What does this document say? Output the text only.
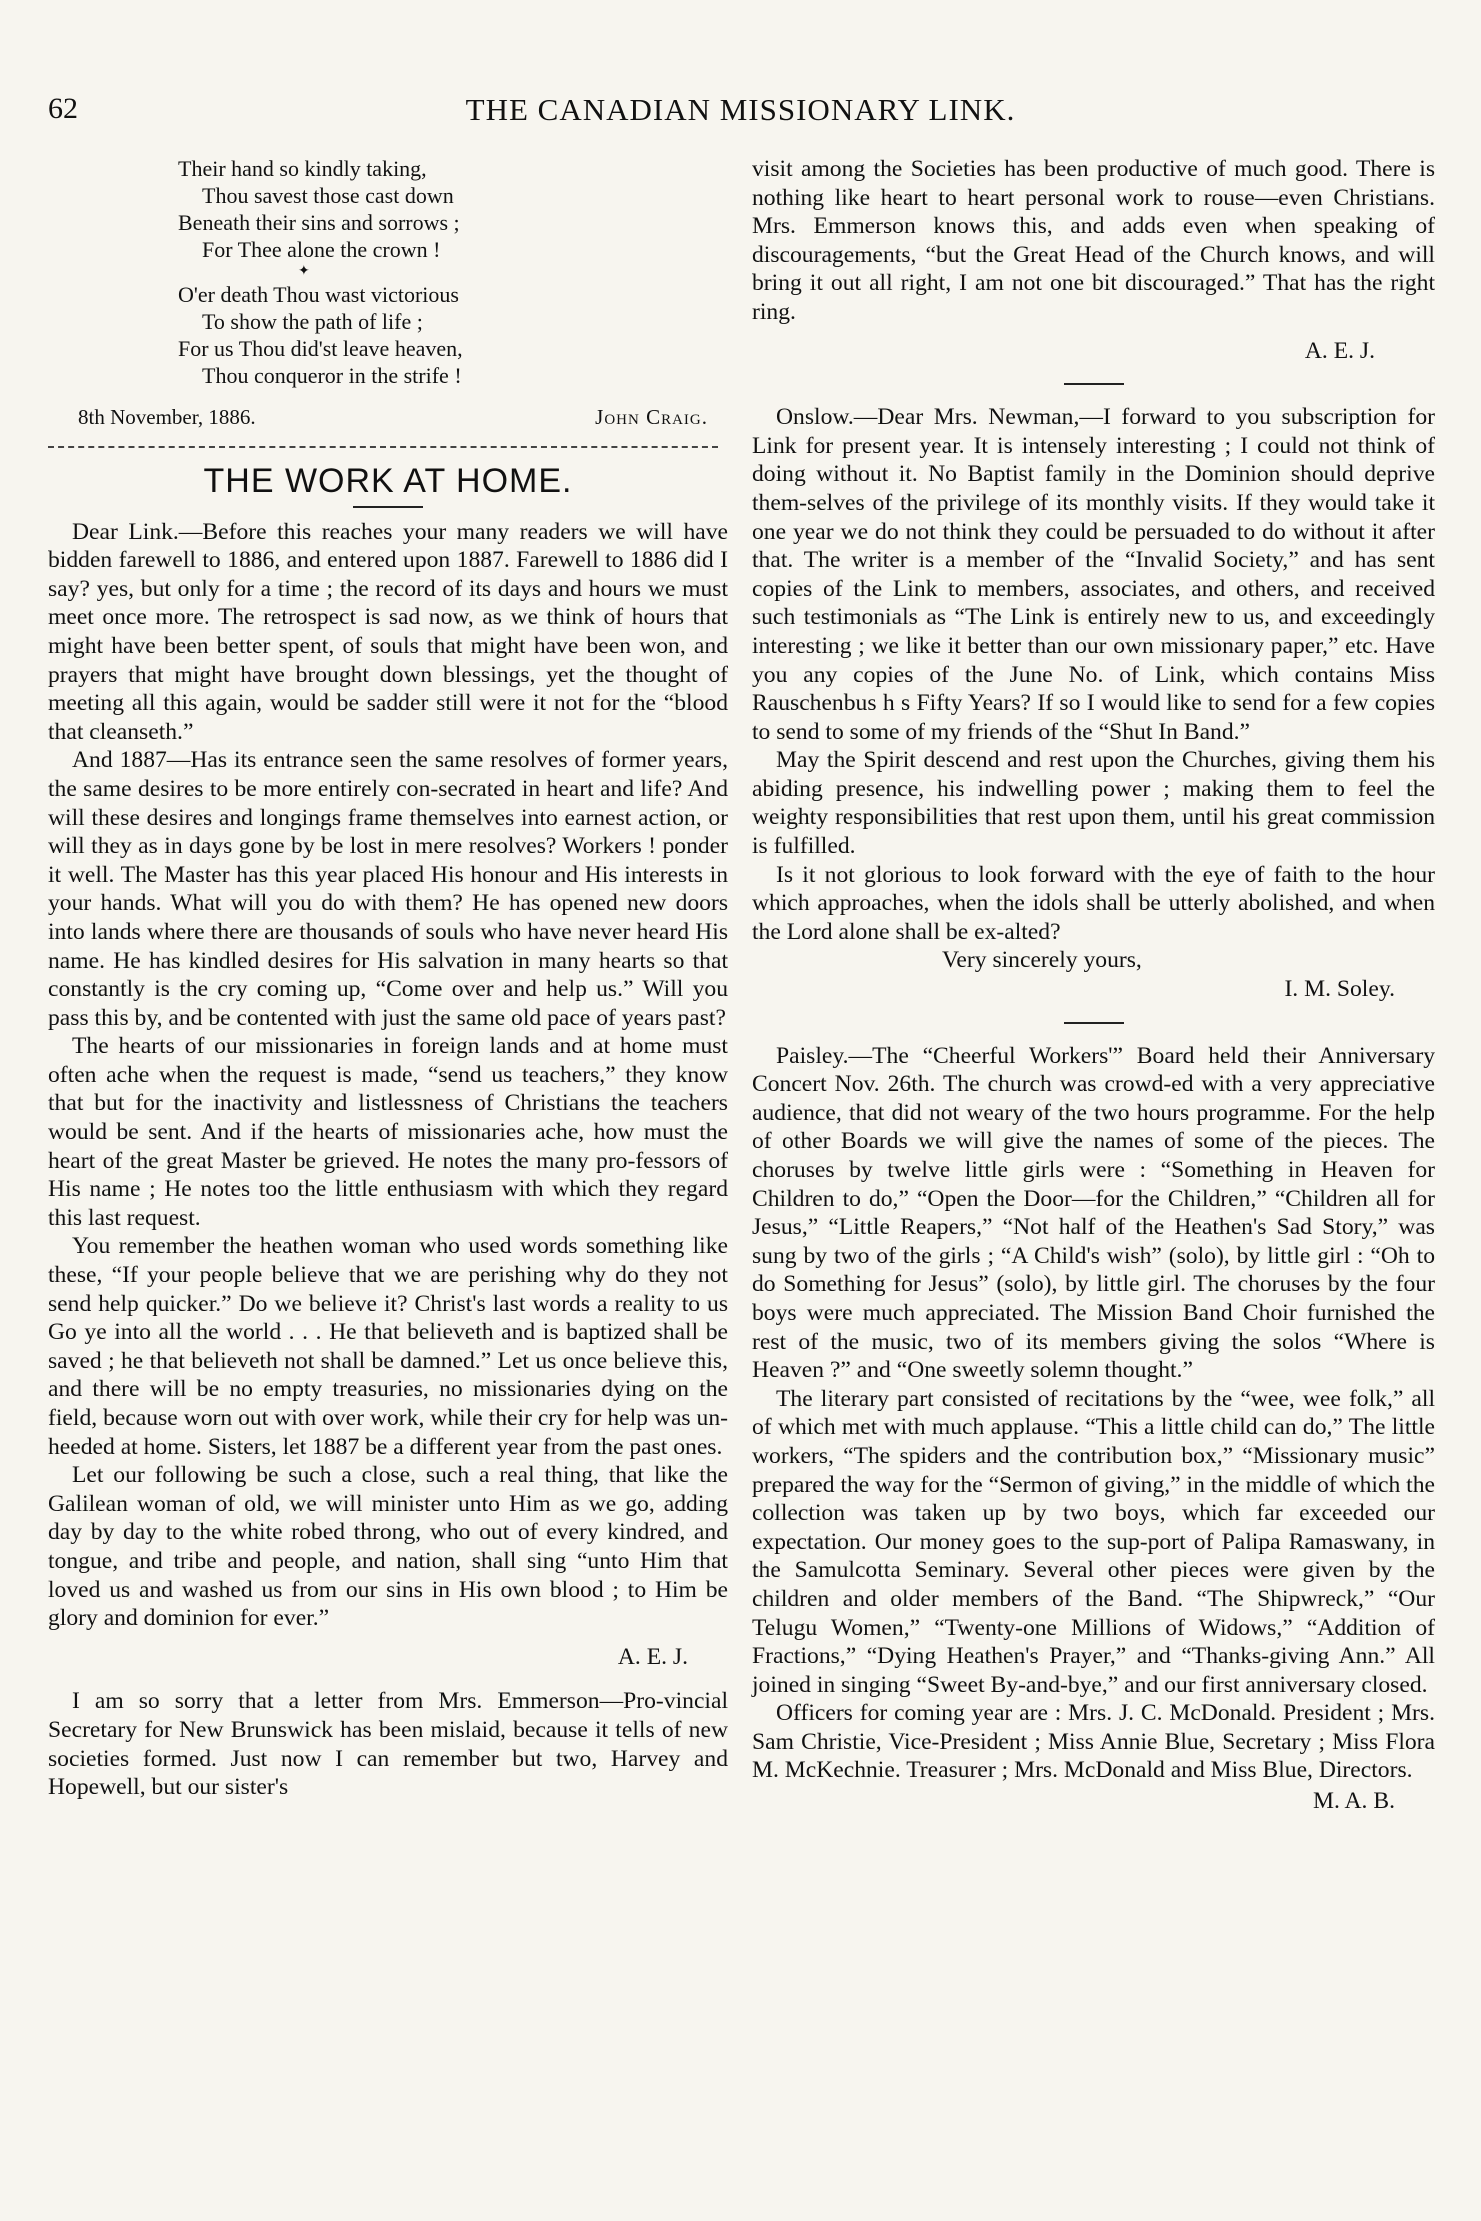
62	THE CANADIAN MISSIONARY LINK.
Their hand so kindly taking,
Thou savest those cast down
Beneath their sins and sorrows ;
For Thee alone the crown !
✦
O'er death Thou wast victorious
To show the path of life ;
For us Thou did'st leave heaven,
Thou conqueror in the strife !
8th November, 1886.	John Craig.
THE WORK AT HOME.

Dear Link.—Before this reaches your many readers we will have bidden farewell to 1886, and entered upon 1887. Farewell to 1886 did I say? yes, but only for a time ; the record of its days and hours we must meet once more. The retrospect is sad now, as we think of hours that might have been better spent, of souls that might have been won, and prayers that might have brought down blessings, yet the thought of meeting all this again, would be sadder still were it not for the “blood that cleanseth.”

And 1887—Has its entrance seen the same resolves of former years, the same desires to be more entirely con-secrated in heart and life? And will these desires and longings frame themselves into earnest action, or will they as in days gone by be lost in mere resolves? Workers ! ponder it well. The Master has this year placed His honour and His interests in your hands. What will you do with them? He has opened new doors into lands where there are thousands of souls who have never heard His name. He has kindled desires for His salvation in many hearts so that constantly is the cry coming up, “Come over and help us.” Will you pass this by, and be contented with just the same old pace of years past?

The hearts of our missionaries in foreign lands and at home must often ache when the request is made, “send us teachers,” they know that but for the inactivity and listlessness of Christians the teachers would be sent. And if the hearts of missionaries ache, how must the heart of the great Master be grieved. He notes the many pro-fessors of His name ; He notes too the little enthusiasm with which they regard this last request.

You remember the heathen woman who used words something like these, “If your people believe that we are perishing why do they not send help quicker.” Do we believe it? Christ's last words a reality to us Go ye into all the world . . . He that believeth and is baptized shall be saved ; he that believeth not shall be damned.” Let us once believe this, and there will be no empty treasuries, no missionaries dying on the field, because worn out with over work, while their cry for help was un-heeded at home. Sisters, let 1887 be a different year from the past ones.

Let our following be such a close, such a real thing, that like the Galilean woman of old, we will minister unto Him as we go, adding day by day to the white robed throng, who out of every kindred, and tongue, and tribe and people, and nation, shall sing “unto Him that loved us and washed us from our sins in His own blood ; to Him be glory and dominion for ever.”

A. E. J.

I am so sorry that a letter from Mrs. Emmerson—Pro-vincial Secretary for New Brunswick has been mislaid, because it tells of new societies formed. Just now I can remember but two, Harvey and Hopewell, but our sister's

visit among the Societies has been productive of much good. There is nothing like heart to heart personal work to rouse—even Christians. Mrs. Emmerson knows this, and adds even when speaking of discouragements, “but the Great Head of the Church knows, and will bring it out all right, I am not one bit discouraged.” That has the right ring.

A. E. J.

Onslow.—Dear Mrs. Newman,—I forward to you subscription for Link for present year. It is intensely interesting ; I could not think of doing without it. No Baptist family in the Dominion should deprive them-selves of the privilege of its monthly visits. If they would take it one year we do not think they could be persuaded to do without it after that. The writer is a member of the “Invalid Society,” and has sent copies of the Link to members, associates, and others, and received such testimonials as “The Link is entirely new to us, and exceedingly interesting ; we like it better than our own missionary paper,” etc. Have you any copies of the June No. of Link, which contains Miss Rauschenbus h s Fifty Years? If so I would like to send for a few copies to send to some of my friends of the “Shut In Band.”

May the Spirit descend and rest upon the Churches, giving them his abiding presence, his indwelling power ; making them to feel the weighty responsibilities that rest upon them, until his great commission is fulfilled.

Is it not glorious to look forward with the eye of faith to the hour which approaches, when the idols shall be utterly abolished, and when the Lord alone shall be ex-alted?

Very sincerely yours,
I. M. Soley.

Paisley.—The “Cheerful Workers'” Board held their Anniversary Concert Nov. 26th. The church was crowd-ed with a very appreciative audience, that did not weary of the two hours programme. For the help of other Boards we will give the names of some of the pieces. The choruses by twelve little girls were : “Something in Heaven for Children to do,” “Open the Door—for the Children,” “Children all for Jesus,” “Little Reapers,” “Not half of the Heathen's Sad Story,” was sung by two of the girls ; “A Child's wish” (solo), by little girl : “Oh to do Something for Jesus” (solo), by little girl. The choruses by the four boys were much appreciated. The Mission Band Choir furnished the rest of the music, two of its members giving the solos “Where is Heaven ?” and “One sweetly solemn thought.”

The literary part consisted of recitations by the “wee, wee folk,” all of which met with much applause. “This a little child can do,” The little workers, “The spiders and the contribution box,” “Missionary music” prepared the way for the “Sermon of giving,” in the middle of which the collection was taken up by two boys, which far exceeded our expectation. Our money goes to the sup-port of Palipa Ramaswany, in the Samulcotta Seminary. Several other pieces were given by the children and older members of the Band. “The Shipwreck,” “Our Telugu Women,” “Twenty-one Millions of Widows,” “Addition of Fractions,” “Dying Heathen's Prayer,” and “Thanks-giving Ann.” All joined in singing “Sweet By-and-bye,” and our first anniversary closed.

Officers for coming year are : Mrs. J. C. McDonald. President ; Mrs. Sam Christie, Vice-President ; Miss Annie Blue, Secretary ; Miss Flora M. McKechnie. Treasurer ; Mrs. McDonald and Miss Blue, Directors.

M. A. B.
